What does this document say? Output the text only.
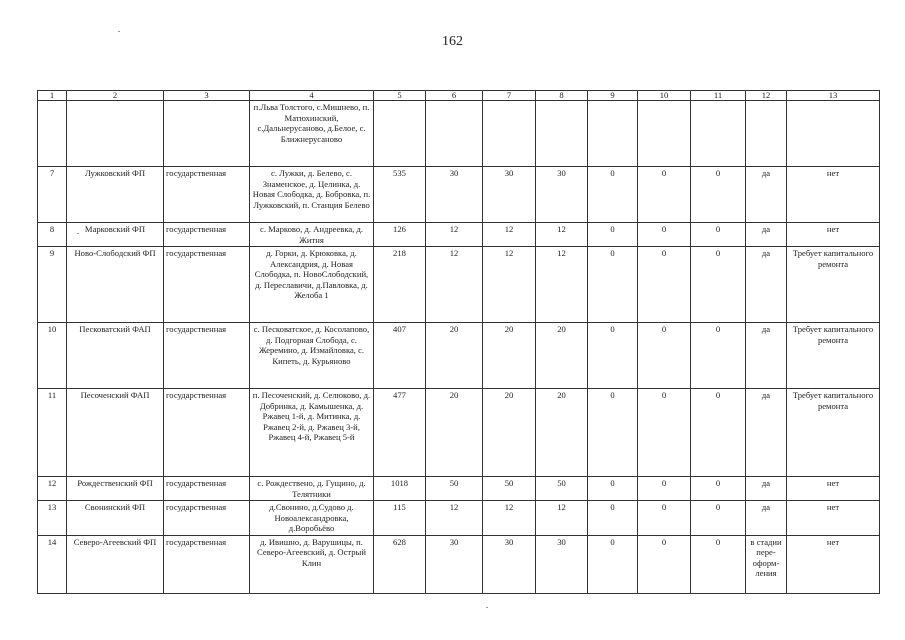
162
1	2	3	4	5	6	7	8	9	10	11	12	13
			п.Льва Толстого, с.Мишнево, п. Матюхинский, с.Дальнерусаново, д.Белое, с. Ближнерусаново									
7	Лужковский ФП	государственная	с. Лужки, д. Белево, с. Знаменское, д. Целинка, д. Новая Слободка, д. Бобровка, п. Лужковский, п. Станция Белево	535	30	30	30	0	0	0	да	нет
8	Марковский ФП	государственная	с. Марково, д. Андреевка, д. Житня	126	12	12	12	0	0	0	да	нет
9	Ново-Слободский ФП	государственная	д. Горки, д. Крюковка, д. Александрия, д. Новая Слободка, п. НовоСлободский, д. Переславичи, д.Павловка, д. Желоба 1	218	12	12	12	0	0	0	да	Требует капитального ремонта
10	Песковатский ФАП	государственная	с. Песковатское, д. Косолапово, д. Подгорная Слобода, с. Жеремино, д. Измайловка, с. Кипеть, д. Курьяново	407	20	20	20	0	0	0	да	Требует капитального ремонта
11	Песоченский ФАП	государственная	п. Песоченский, д. Селюково, д. Добринка, д. Камышенка, д. Ржавец 1-й, д. Митинка, д. Ржавец 2-й, д. Ржавец 3-й, Ржавец 4-й, Ржавец 5-й	477	20	20	20	0	0	0	да	Требует капитального ремонта
12	Рождественский ФП	государственная	с. Рождествено, д. Гущино, д. Телятники	1018	50	50	50	0	0	0	да	нет
13	Свонинский ФП	государственная	д.Свонино, д.Судово д. Новоалександровка, д.Воробьёво	115	12	12	12	0	0	0	да	нет
14	Северо-Агеевский ФП	государственная	д. Ивишно, д. Варушицы, п. Северо-Агеевский, д. Острый Клин	628	30	30	30	0	0	0	в стадии пере-оформ-ления	нет
